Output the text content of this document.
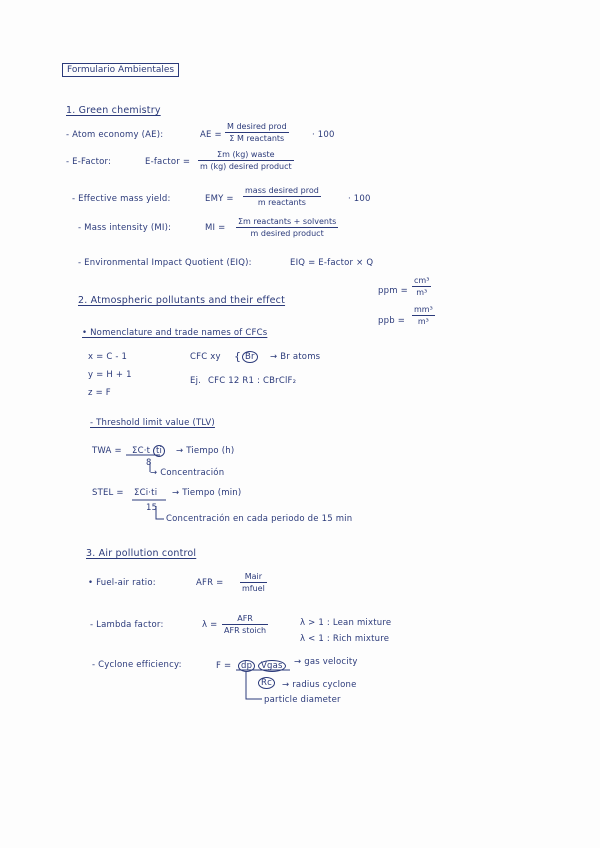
Formulario Ambientales
1. Green chemistry
- Atom economy (AE):	AE =
M desired prod
Σ M reactants	· 100
- E-Factor:	E-factor =
Σm (kg) waste
m (kg) desired product
- Effective mass yield:	EMY =
mass desired prod
m reactants	· 100
- Mass intensity (MI):	MI =
Σm reactants + solvents
m desired product
- Environmental Impact Quotient (EIQ):	EIQ = E-factor × Q
ppm = $\frac{\text{cm³}}{\text{m³}}$
ppb = $\frac{\text{mm³}}{\text{m³}}$
2. Atmospheric pollutants and their effect
• Nomenclature and trade names of CFCs
x = C - 1
y = H + 1
z = F
CFC xy { Br	→ Br atoms
Ej. CFC 12 R1 : CBrClF₂
- Threshold limit value (TLV)
TWA = ΣC·t ti	→ Tiempo (h)
8
→ Concentración
STEL = ΣCi·ti → Tiempo (min)
15
Concentración en cada periodo de 15 min
3. Air pollution control
• Fuel-air ratio:	AFR =
Mair
mfuel
- Lambda factor:	λ =
AFR
AFR stoich
λ > 1 : Lean mixture
λ < 1 : Rich mixture
- Cyclone efficiency:	F =	dp	Vgas	→ gas velocity
Rc	→ radius cyclone
particle diameter
